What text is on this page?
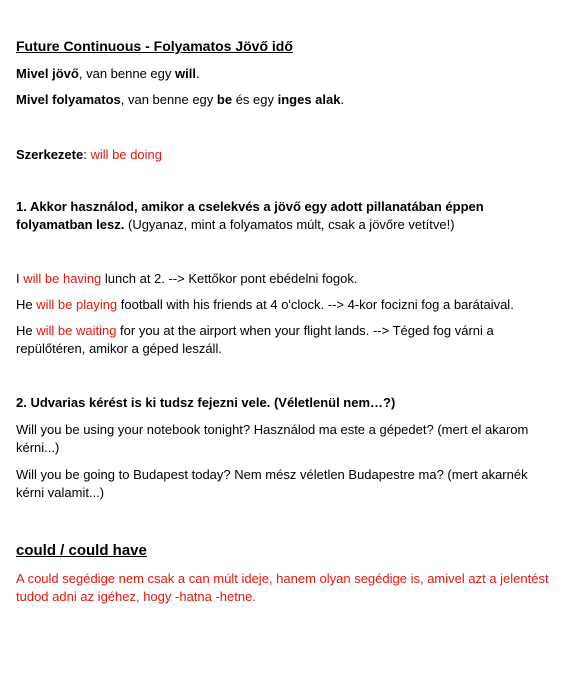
Future Continuous - Folyamatos Jövő idő
Mivel jövő, van benne egy will.
Mivel folyamatos, van benne egy be és egy inges alak.
Szerkezete: will be doing
1. Akkor használod, amikor a cselekvés a jövő egy adott pillanatában éppen folyamatban lesz. (Ugyanaz, mint a folyamatos múlt, csak a jövőre vetítve!)
I will be having lunch at 2. --> Kettőkor pont ebédelni fogok.
He will be playing football with his friends at 4 o'clock. --> 4-kor focizni fog a barátaival.
He will be waiting for you at the airport when your flight lands. --> Téged fog várni a repülőtéren, amikor a géped leszáll.
2. Udvarias kérést is ki tudsz fejezni vele. (Véletlenül nem…?)
Will you be using your notebook tonight? Használod ma este a gépedet? (mert el akarom kérni...)
Will you be going to Budapest today? Nem mész véletlen Budapestre ma? (mert akarnék kérni valamit...)
could / could have
A could segédige nem csak a can múlt ideje, hanem olyan segédige is, amivel azt a jelentést tudod adni az igéhez, hogy -hatna -hetne.
